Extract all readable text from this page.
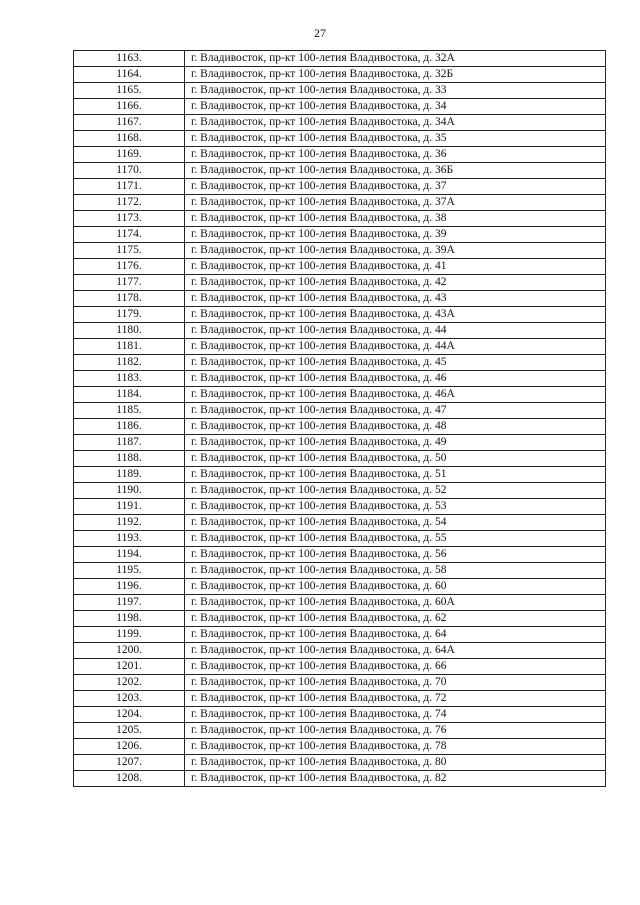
27
1163.	г. Владивосток, пр-кт 100-летия Владивостока, д. 32А
1164.	г. Владивосток, пр-кт 100-летия Владивостока, д. 32Б
1165.	г. Владивосток, пр-кт 100-летия Владивостока, д. 33
1166.	г. Владивосток, пр-кт 100-летия Владивостока, д. 34
1167.	г. Владивосток, пр-кт 100-летия Владивостока, д. 34А
1168.	г. Владивосток, пр-кт 100-летия Владивостока, д. 35
1169.	г. Владивосток, пр-кт 100-летия Владивостока, д. 36
1170.	г. Владивосток, пр-кт 100-летия Владивостока, д. 36Б
1171.	г. Владивосток, пр-кт 100-летия Владивостока, д. 37
1172.	г. Владивосток, пр-кт 100-летия Владивостока, д. 37А
1173.	г. Владивосток, пр-кт 100-летия Владивостока, д. 38
1174.	г. Владивосток, пр-кт 100-летия Владивостока, д. 39
1175.	г. Владивосток, пр-кт 100-летия Владивостока, д. 39А
1176.	г. Владивосток, пр-кт 100-летия Владивостока, д. 41
1177.	г. Владивосток, пр-кт 100-летия Владивостока, д. 42
1178.	г. Владивосток, пр-кт 100-летия Владивостока, д. 43
1179.	г. Владивосток, пр-кт 100-летия Владивостока, д. 43А
1180.	г. Владивосток, пр-кт 100-летия Владивостока, д. 44
1181.	г. Владивосток, пр-кт 100-летия Владивостока, д. 44А
1182.	г. Владивосток, пр-кт 100-летия Владивостока, д. 45
1183.	г. Владивосток, пр-кт 100-летия Владивостока, д. 46
1184.	г. Владивосток, пр-кт 100-летия Владивостока, д. 46А
1185.	г. Владивосток, пр-кт 100-летия Владивостока, д. 47
1186.	г. Владивосток, пр-кт 100-летия Владивостока, д. 48
1187.	г. Владивосток, пр-кт 100-летия Владивостока, д. 49
1188.	г. Владивосток, пр-кт 100-летия Владивостока, д. 50
1189.	г. Владивосток, пр-кт 100-летия Владивостока, д. 51
1190.	г. Владивосток, пр-кт 100-летия Владивостока, д. 52
1191.	г. Владивосток, пр-кт 100-летия Владивостока, д. 53
1192.	г. Владивосток, пр-кт 100-летия Владивостока, д. 54
1193.	г. Владивосток, пр-кт 100-летия Владивостока, д. 55
1194.	г. Владивосток, пр-кт 100-летия Владивостока, д. 56
1195.	г. Владивосток, пр-кт 100-летия Владивостока, д. 58
1196.	г. Владивосток, пр-кт 100-летия Владивостока, д. 60
1197.	г. Владивосток, пр-кт 100-летия Владивостока, д. 60А
1198.	г. Владивосток, пр-кт 100-летия Владивостока, д. 62
1199.	г. Владивосток, пр-кт 100-летия Владивостока, д. 64
1200.	г. Владивосток, пр-кт 100-летия Владивостока, д. 64А
1201.	г. Владивосток, пр-кт 100-летия Владивостока, д. 66
1202.	г. Владивосток, пр-кт 100-летия Владивостока, д. 70
1203.	г. Владивосток, пр-кт 100-летия Владивостока, д. 72
1204.	г. Владивосток, пр-кт 100-летия Владивостока, д. 74
1205.	г. Владивосток, пр-кт 100-летия Владивостока, д. 76
1206.	г. Владивосток, пр-кт 100-летия Владивостока, д. 78
1207.	г. Владивосток, пр-кт 100-летия Владивостока, д. 80
1208.	г. Владивосток, пр-кт 100-летия Владивостока, д. 82
